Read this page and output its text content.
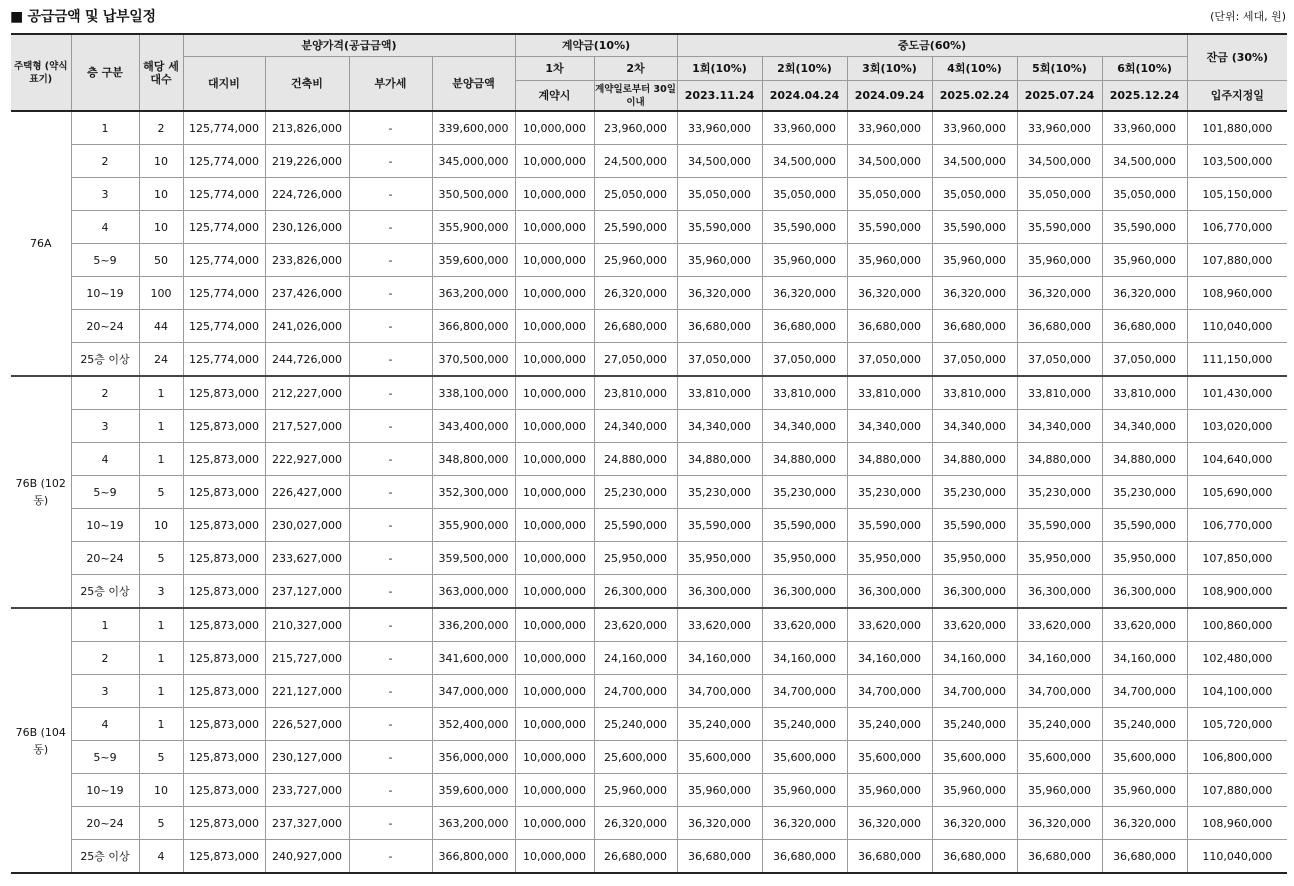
■ 공급금액 및 납부일정	(단위: 세대, 원)
주택형 (약식 표기)	층 구분	해당 세대수	분양가격(공급금액)				계약금(10%)		중도금(60%)						잔금 (30%)
			대지비	건축비	부가세	분양금액	1차	2차	1회(10%)	2회(10%)	3회(10%)	4회(10%)	5회(10%)	6회(10%)	
							계약시	계약일로부터 30일 이내	2023.11.24	2024.04.24	2024.09.24	2025.02.24	2025.07.24	2025.12.24	입주지정일
76A	1	2	125,774,000	213,826,000	-	339,600,000	10,000,000	23,960,000	33,960,000	33,960,000	33,960,000	33,960,000	33,960,000	33,960,000	101,880,000
	2	10	125,774,000	219,226,000	-	345,000,000	10,000,000	24,500,000	34,500,000	34,500,000	34,500,000	34,500,000	34,500,000	34,500,000	103,500,000
	3	10	125,774,000	224,726,000	-	350,500,000	10,000,000	25,050,000	35,050,000	35,050,000	35,050,000	35,050,000	35,050,000	35,050,000	105,150,000
	4	10	125,774,000	230,126,000	-	355,900,000	10,000,000	25,590,000	35,590,000	35,590,000	35,590,000	35,590,000	35,590,000	35,590,000	106,770,000
	5~9	50	125,774,000	233,826,000	-	359,600,000	10,000,000	25,960,000	35,960,000	35,960,000	35,960,000	35,960,000	35,960,000	35,960,000	107,880,000
	10~19	100	125,774,000	237,426,000	-	363,200,000	10,000,000	26,320,000	36,320,000	36,320,000	36,320,000	36,320,000	36,320,000	36,320,000	108,960,000
	20~24	44	125,774,000	241,026,000	-	366,800,000	10,000,000	26,680,000	36,680,000	36,680,000	36,680,000	36,680,000	36,680,000	36,680,000	110,040,000
	25층 이상	24	125,774,000	244,726,000	-	370,500,000	10,000,000	27,050,000	37,050,000	37,050,000	37,050,000	37,050,000	37,050,000	37,050,000	111,150,000
76B (102동)	2	1	125,873,000	212,227,000	-	338,100,000	10,000,000	23,810,000	33,810,000	33,810,000	33,810,000	33,810,000	33,810,000	33,810,000	101,430,000
	3	1	125,873,000	217,527,000	-	343,400,000	10,000,000	24,340,000	34,340,000	34,340,000	34,340,000	34,340,000	34,340,000	34,340,000	103,020,000
	4	1	125,873,000	222,927,000	-	348,800,000	10,000,000	24,880,000	34,880,000	34,880,000	34,880,000	34,880,000	34,880,000	34,880,000	104,640,000
	5~9	5	125,873,000	226,427,000	-	352,300,000	10,000,000	25,230,000	35,230,000	35,230,000	35,230,000	35,230,000	35,230,000	35,230,000	105,690,000
	10~19	10	125,873,000	230,027,000	-	355,900,000	10,000,000	25,590,000	35,590,000	35,590,000	35,590,000	35,590,000	35,590,000	35,590,000	106,770,000
	20~24	5	125,873,000	233,627,000	-	359,500,000	10,000,000	25,950,000	35,950,000	35,950,000	35,950,000	35,950,000	35,950,000	35,950,000	107,850,000
	25층 이상	3	125,873,000	237,127,000	-	363,000,000	10,000,000	26,300,000	36,300,000	36,300,000	36,300,000	36,300,000	36,300,000	36,300,000	108,900,000
76B (104동)	1	1	125,873,000	210,327,000	-	336,200,000	10,000,000	23,620,000	33,620,000	33,620,000	33,620,000	33,620,000	33,620,000	33,620,000	100,860,000
	2	1	125,873,000	215,727,000	-	341,600,000	10,000,000	24,160,000	34,160,000	34,160,000	34,160,000	34,160,000	34,160,000	34,160,000	102,480,000
	3	1	125,873,000	221,127,000	-	347,000,000	10,000,000	24,700,000	34,700,000	34,700,000	34,700,000	34,700,000	34,700,000	34,700,000	104,100,000
	4	1	125,873,000	226,527,000	-	352,400,000	10,000,000	25,240,000	35,240,000	35,240,000	35,240,000	35,240,000	35,240,000	35,240,000	105,720,000
	5~9	5	125,873,000	230,127,000	-	356,000,000	10,000,000	25,600,000	35,600,000	35,600,000	35,600,000	35,600,000	35,600,000	35,600,000	106,800,000
	10~19	10	125,873,000	233,727,000	-	359,600,000	10,000,000	25,960,000	35,960,000	35,960,000	35,960,000	35,960,000	35,960,000	35,960,000	107,880,000
	20~24	5	125,873,000	237,327,000	-	363,200,000	10,000,000	26,320,000	36,320,000	36,320,000	36,320,000	36,320,000	36,320,000	36,320,000	108,960,000
	25층 이상	4	125,873,000	240,927,000	-	366,800,000	10,000,000	26,680,000	36,680,000	36,680,000	36,680,000	36,680,000	36,680,000	36,680,000	110,040,000
